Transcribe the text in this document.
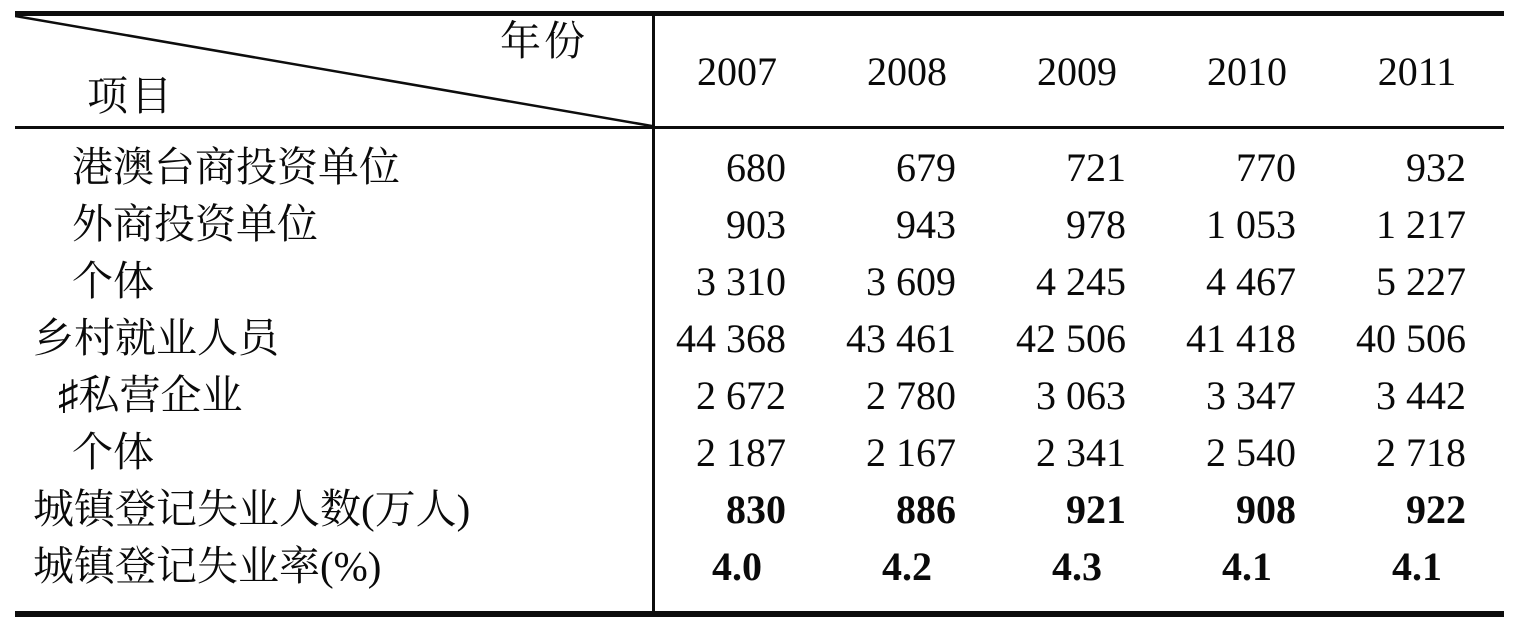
年份
项目
2007	2008	2009	2010	2011
港澳台商投资单位	680	679	721	770	932
外商投资单位	903	943	978	1 053	1 217
个体	3 310	3 609	4 245	4 467	5 227
乡村就业人员	44 368	43 461	42 506	41 418	40 506
♯私营企业	2 672	2 780	3 063	3 347	3 442
个体	2 187	2 167	2 341	2 540	2 718
城镇登记失业人数(万人)	830	886	921	908	922
城镇登记失业率(%)	4.0	4.2	4.3	4.1	4.1
